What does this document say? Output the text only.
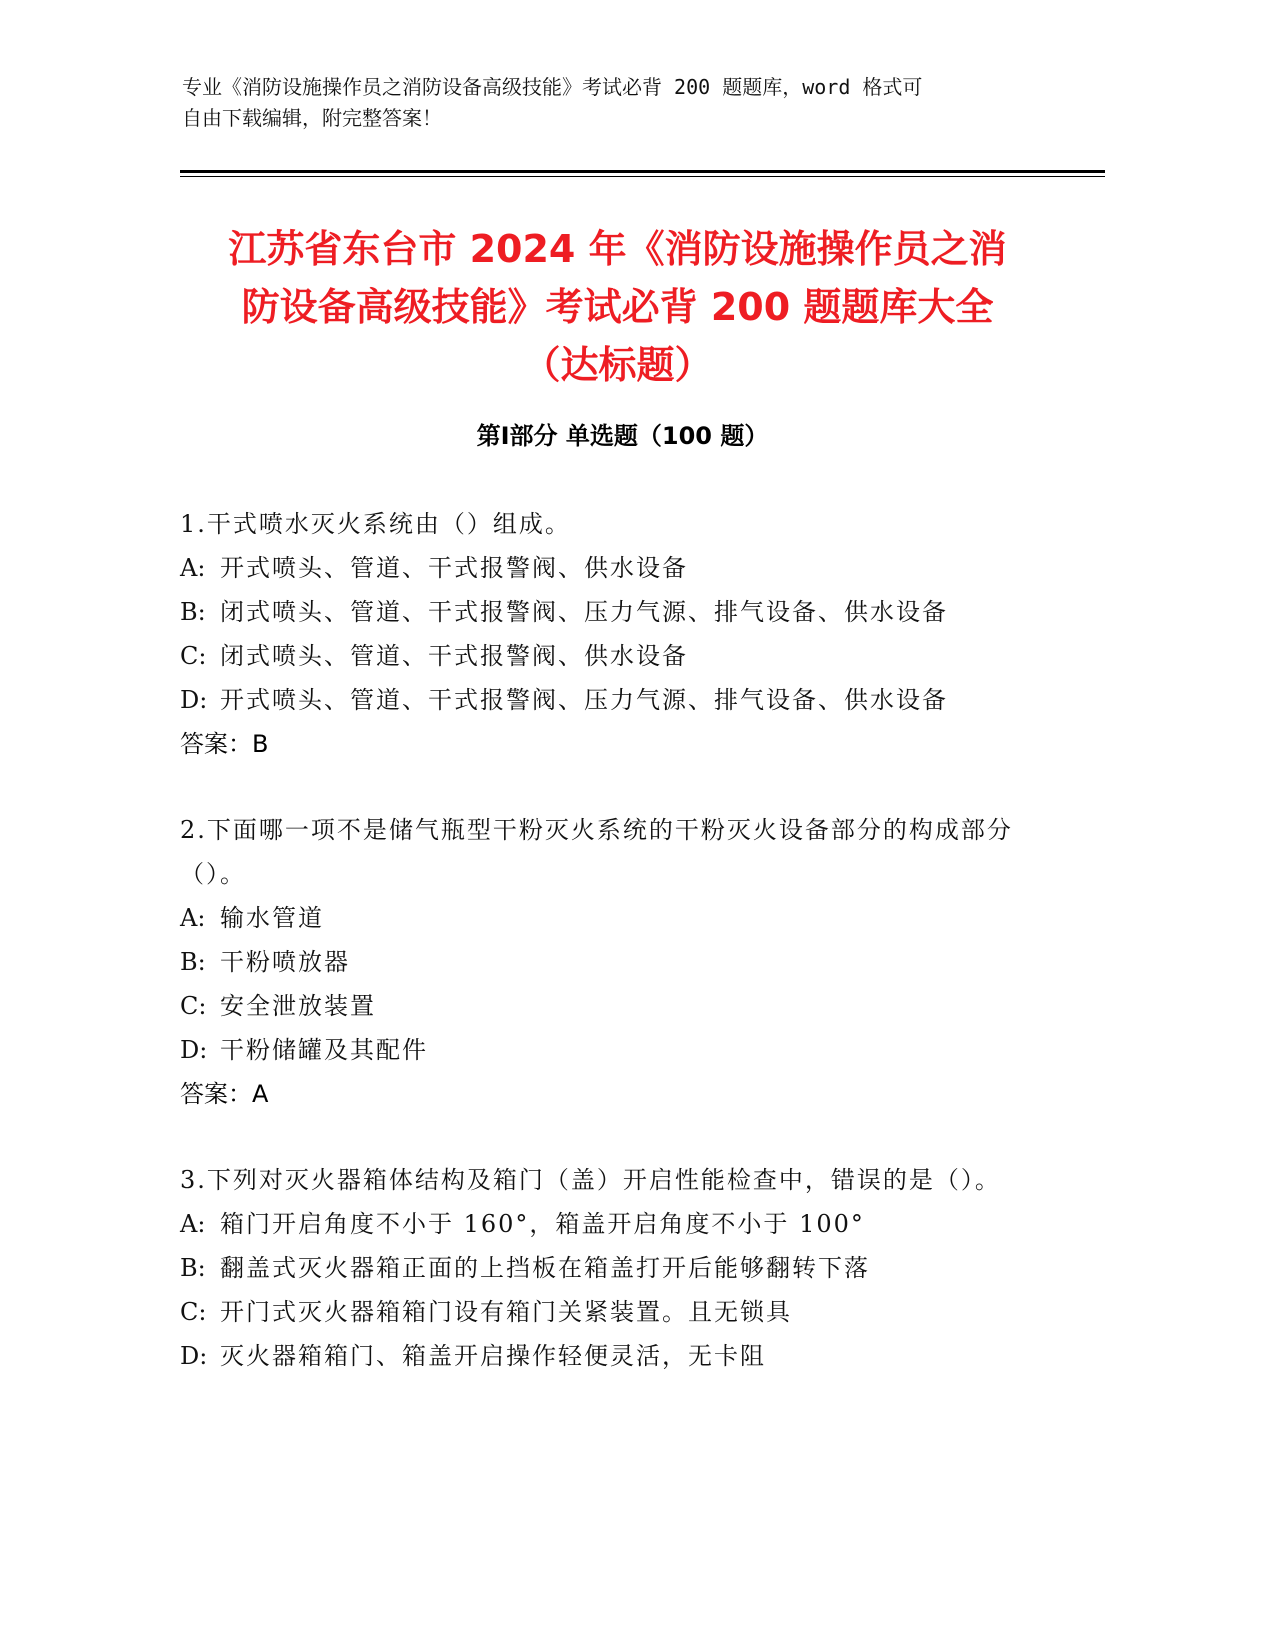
专业《消防设施操作员之消防设备高级技能》考试必背 200 题题库，word 格式可
自由下载编辑，附完整答案！
江苏省东台市 2024 年《消防设施操作员之消
防设备高级技能》考试必背 200 题题库大全
（达标题）
第Ⅰ部分 单选题（100 题）

1.干式喷水灭火系统由（）组成。

A: 开式喷头、管道、干式报警阀、供水设备

B: 闭式喷头、管道、干式报警阀、压力气源、排气设备、供水设备

C: 闭式喷头、管道、干式报警阀、供水设备

D: 开式喷头、管道、干式报警阀、压力气源、排气设备、供水设备

答案：B

2.下面哪一项不是储气瓶型干粉灭火系统的干粉灭火设备部分的构成部分（）。

A: 输水管道

B: 干粉喷放器

C: 安全泄放装置

D: 干粉储罐及其配件

答案：A

3.下列对灭火器箱体结构及箱门（盖）开启性能检查中，错误的是（）。

A: 箱门开启角度不小于 160°，箱盖开启角度不小于 100°

B: 翻盖式灭火器箱正面的上挡板在箱盖打开后能够翻转下落

C: 开门式灭火器箱箱门设有箱门关紧装置。且无锁具

D: 灭火器箱箱门、箱盖开启操作轻便灵活，无卡阻
